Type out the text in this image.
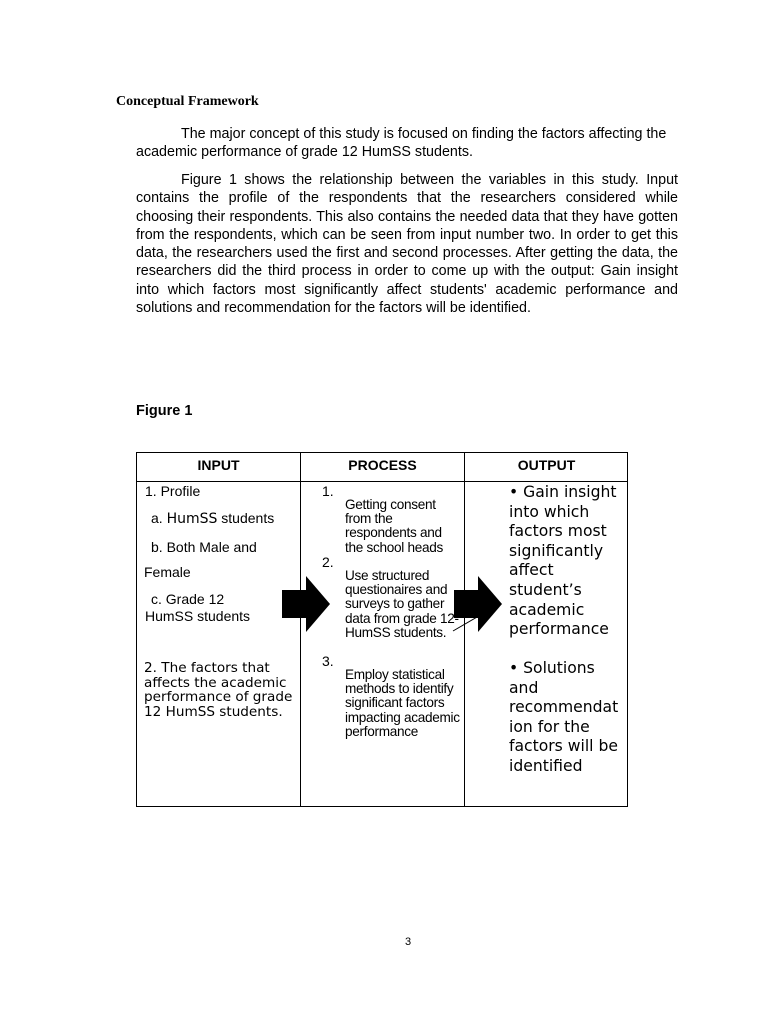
Conceptual Framework

The major concept of this study is focused on finding the factors affecting the academic performance of grade 12 HumSS students.

Figure 1 shows the relationship between the variables in this study. Input contains the profile of the respondents that the researchers considered while choosing their respondents. This also contains the needed data that they have gotten from the respondents, which can be seen from input number two. In order to get this data, the researchers used the first and second processes. After getting the data, the researchers did the third process in order to come up with the output: Gain insight into which factors most significantly affect students' academic performance and solutions and recommendation for the factors will be identified.

Figure 1
INPUT	PROCESS	OUTPUT
1. Profile
a. HumSS students
b. Both Male and
Female
c. Grade 12
HumSS students
2. The factors that affects the academic performance of grade 12 HumSS students.
1.
Getting consent from the respondents and the school heads
2.
Use structured questionaires and surveys to gather data from grade 12- HumSS students.
3.
Employ statistical methods to identify significant factors impacting academic performance
• Gain insight into which factors most significantly affect student’s academic performance
• Solutions and recommendat ion for the factors will be identified
3
